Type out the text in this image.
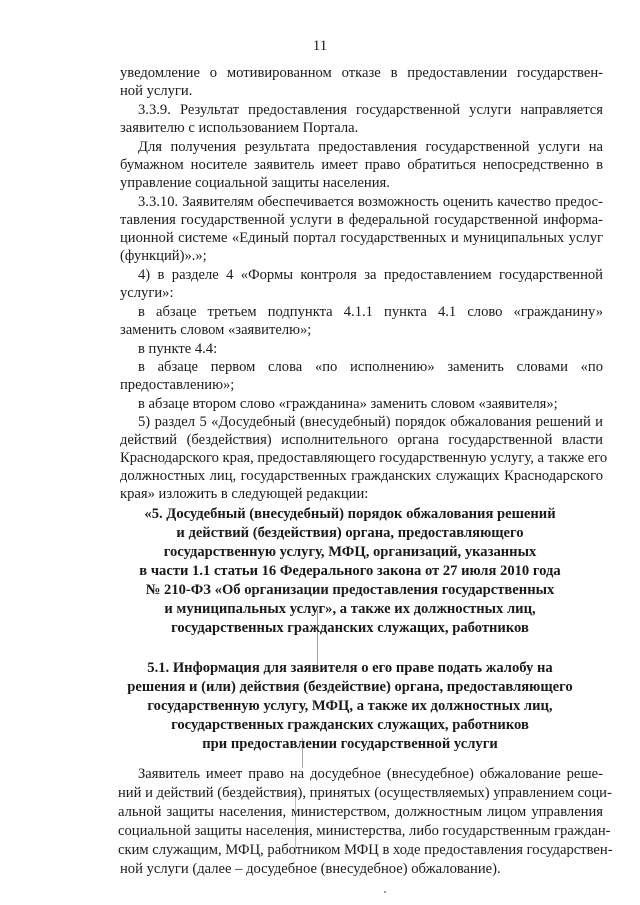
11
уведомление о мотивированном отказе в предоставлении государствен-
ной услуги.
3.3.9. Результат предоставления государственной услуги направляется
заявителю с использованием Портала.
Для получения результата предоставления государственной услуги на
бумажном носителе заявитель имеет право обратиться непосредственно в
управление социальной защиты населения.
3.3.10. Заявителям обеспечивается возможность оценить качество предос-
тавления государственной услуги в федеральной государственной информа-
ционной системе «Единый портал государственных и муниципальных услуг
(функций)».»;
4) в разделе 4 «Формы контроля за предоставлением государственной
услуги»:
в абзаце третьем подпункта 4.1.1 пункта 4.1 слово «гражданину»
заменить словом «заявителю»;
в пункте 4.4:
в абзаце первом слова «по исполнению» заменить словами «по
предоставлению»;
в абзаце втором слово «гражданина» заменить словом «заявителя»;
5) раздел 5 «Досудебный (внесудебный) порядок обжалования решений и
действий (бездействия) исполнительного органа государственной власти
Краснодарского края, предоставляющего государственную услугу, а также его
должностных лиц, государственных гражданских служащих Краснодарского
края» изложить в следующей редакции:
«5. Досудебный (внесудебный) порядок обжалования решений
и действий (бездействия) органа, предоставляющего
государственную услугу, МФЦ, организаций, указанных
в части 1.1 статьи 16 Федерального закона от 27 июля 2010 года
№ 210-ФЗ «Об организации предоставления государственных
и муниципальных услуг», а также их должностных лиц,
государственных гражданских служащих, работников
5.1. Информация для заявителя о его праве подать жалобу на
решения и (или) действия (бездействие) органа, предоставляющего
государственную услугу, МФЦ, а также их должностных лиц,
государственных гражданских служащих, работников
при предоставлении государственной услуги
Заявитель имеет право на досудебное (внесудебное) обжалование реше-
ний и действий (бездействия), принятых (осуществляемых) управлением соци-
альной защиты населения, министерством, должностным лицом управления
социальной защиты населения, министерства, либо государственным граждан-
ским служащим, МФЦ, работником МФЦ в ходе предоставления государствен-
ной услуги (далее – досудебное (внесудебное) обжалование).
